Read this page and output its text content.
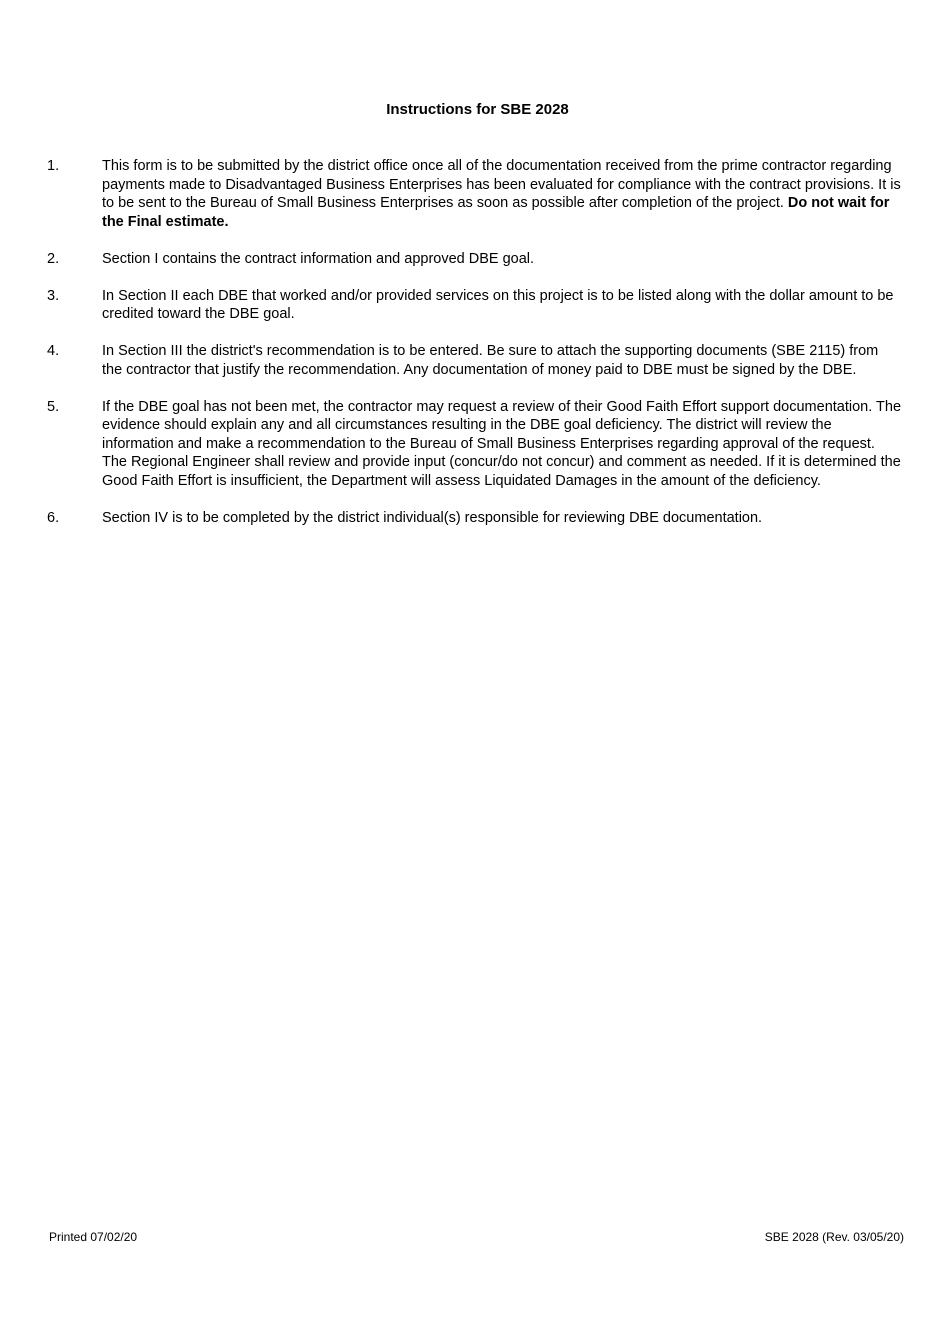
Instructions for SBE 2028
1.	This form is to be submitted by the district office once all of the documentation received from the prime contractor regarding payments made to Disadvantaged Business Enterprises has been evaluated for compliance with the contract provisions. It is to be sent to the Bureau of Small Business Enterprises as soon as possible after completion of the project. Do not wait for the Final estimate.
2.	Section I contains the contract information and approved DBE goal.
3.	In Section II each DBE that worked and/or provided services on this project is to be listed along with the dollar amount to be credited toward the DBE goal.
4.	In Section III the district's recommendation is to be entered. Be sure to attach the supporting documents (SBE 2115) from the contractor that justify the recommendation. Any documentation of money paid to DBE must be signed by the DBE.
5.	If the DBE goal has not been met, the contractor may request a review of their Good Faith Effort support documentation. The evidence should explain any and all circumstances resulting in the DBE goal deficiency. The district will review the information and make a recommendation to the Bureau of Small Business Enterprises regarding approval of the request. The Regional Engineer shall review and provide input (concur/do not concur) and comment as needed. If it is determined the Good Faith Effort is insufficient, the Department will assess Liquidated Damages in the amount of the deficiency.
6.	Section IV is to be completed by the district individual(s) responsible for reviewing DBE documentation.
Printed 07/02/20	SBE 2028 (Rev. 03/05/20)
